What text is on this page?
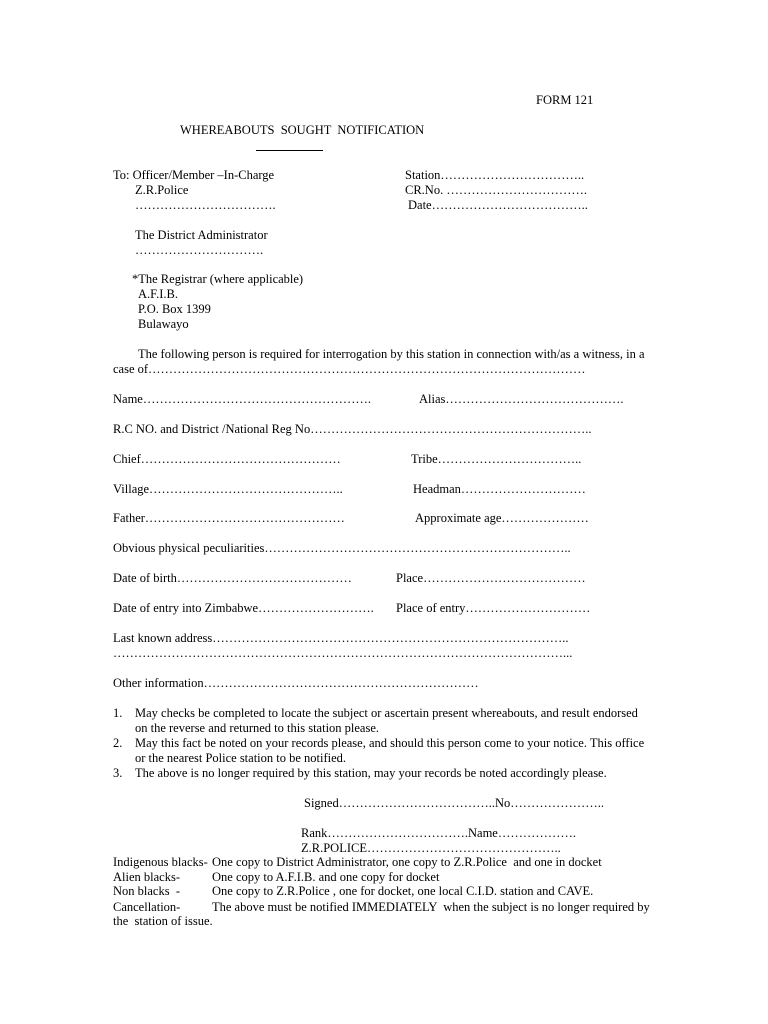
FORM 121
WHEREABOUTS  SOUGHT  NOTIFICATION
To: Officer/Member –In-Charge
Z.R.Police
…………………………….
Station……………………………..
CR.No. …………………………….
Date………………………………..
The District Administrator
………………………….
*The Registrar (where applicable)
A.F.I.B.
P.O. Box 1399
Bulawayo
The following person is required for interrogation by this station in connection with/as a witness, in a
case of……………………………………………………………………………………………
Name……………………………………………….	Alias…………………………………….
R.C NO. and District /National Reg No…………………………………………………………..
Chief…………………………………………	Tribe……………………………..
Village………………………………………..	Headman…………………………
Father…………………………………………	Approximate age…………………
Obvious physical peculiarities………………………………………………………………..
Date of birth……………………………………	Place…………………………………
Date of entry into Zimbabwe………………………. Place of entry…………………………
Last known address…………………………………………………………………………..
………………………………………………………………………………………………...
Other information…………………………………………………………
1. May checks be completed to locate the subject or ascertain present whereabouts, and result endorsed
on the reverse and returned to this station please.
2. May this fact be noted on your records please, and should this person come to your notice. This office
or the nearest Police station to be notified.
3. The above is no longer required by this station, may your records be noted accordingly please.
Signed………………………………..No…………………..
Rank…………………………….Name……………….
Z.R.POLICE………………………………………..
Indigenous blacks- One copy to District Administrator, one copy to Z.R.Police  and one in docket
Alien blacks-	One copy to A.F.I.B. and one copy for docket
Non blacks  -	One copy to Z.R.Police , one for docket, one local C.I.D. station and CAVE.
Cancellation-	The above must be notified IMMEDIATELY  when the subject is no longer required by
the  station of issue.
